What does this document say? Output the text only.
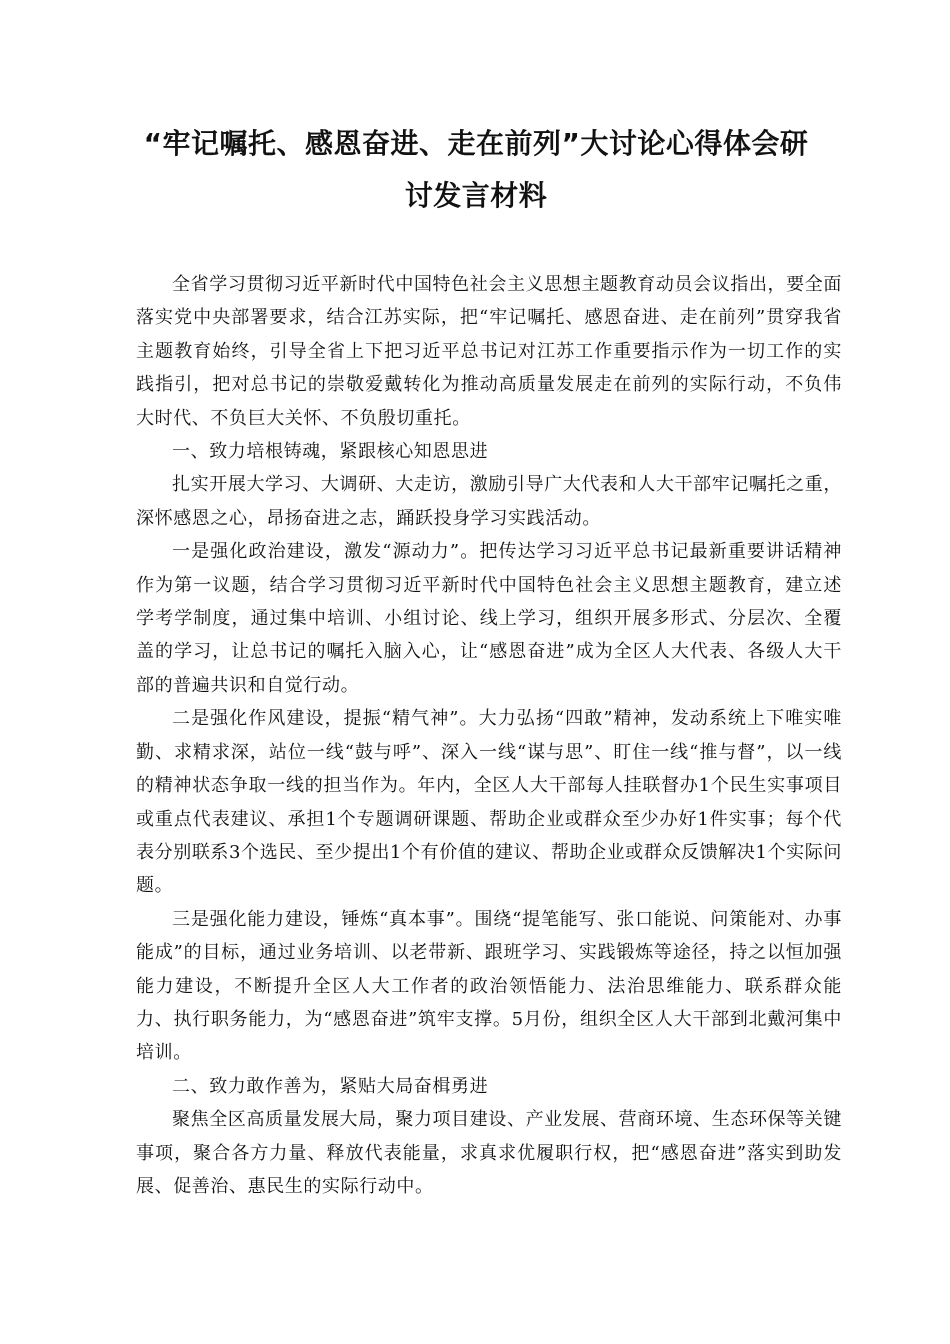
“牢记嘱托、感恩奋进、走在前列”大讨论心得体会研
讨发言材料

全省学习贯彻习近平新时代中国特色社会主义思想主题教育动员会议指出，要全面落实党中央部署要求，结合江苏实际，把“牢记嘱托、感恩奋进、走在前列”贯穿我省主题教育始终，引导全省上下把习近平总书记对江苏工作重要指示作为一切工作的实践指引，把对总书记的崇敬爱戴转化为推动高质量发展走在前列的实际行动，不负伟大时代、不负巨大关怀、不负殷切重托。

一、致力培根铸魂，紧跟核心知恩思进

扎实开展大学习、大调研、大走访，激励引导广大代表和人大干部牢记嘱托之重，深怀感恩之心，昂扬奋进之志，踊跃投身学习实践活动。

一是强化政治建设，激发“源动力”。把传达学习习近平总书记最新重要讲话精神作为第一议题，结合学习贯彻习近平新时代中国特色社会主义思想主题教育，建立述学考学制度，通过集中培训、小组讨论、线上学习，组织开展多形式、分层次、全覆盖的学习，让总书记的嘱托入脑入心，让“感恩奋进”成为全区人大代表、各级人大干部的普遍共识和自觉行动。

二是强化作风建设，提振“精气神”。大力弘扬“四敢”精神，发动系统上下唯实唯勤、求精求深，站位一线“鼓与呼”、深入一线“谋与思”、盯住一线“推与督”，以一线的精神状态争取一线的担当作为。年内，全区人大干部每人挂联督办1个民生实事项目或重点代表建议、承担1个专题调研课题、帮助企业或群众至少办好1件实事；每个代表分别联系3个选民、至少提出1个有价值的建议、帮助企业或群众反馈解决1个实际问题。

三是强化能力建设，锤炼“真本事”。围绕“提笔能写、张口能说、问策能对、办事能成”的目标，通过业务培训、以老带新、跟班学习、实践锻炼等途径，持之以恒加强能力建设，不断提升全区人大工作者的政治领悟能力、法治思维能力、联系群众能力、执行职务能力，为“感恩奋进”筑牢支撑。5月份，组织全区人大干部到北戴河集中培训。

二、致力敢作善为，紧贴大局奋楫勇进

聚焦全区高质量发展大局，聚力项目建设、产业发展、营商环境、生态环保等关键事项，聚合各方力量、释放代表能量，求真求优履职行权，把“感恩奋进”落实到助发展、促善治、惠民生的实际行动中。
